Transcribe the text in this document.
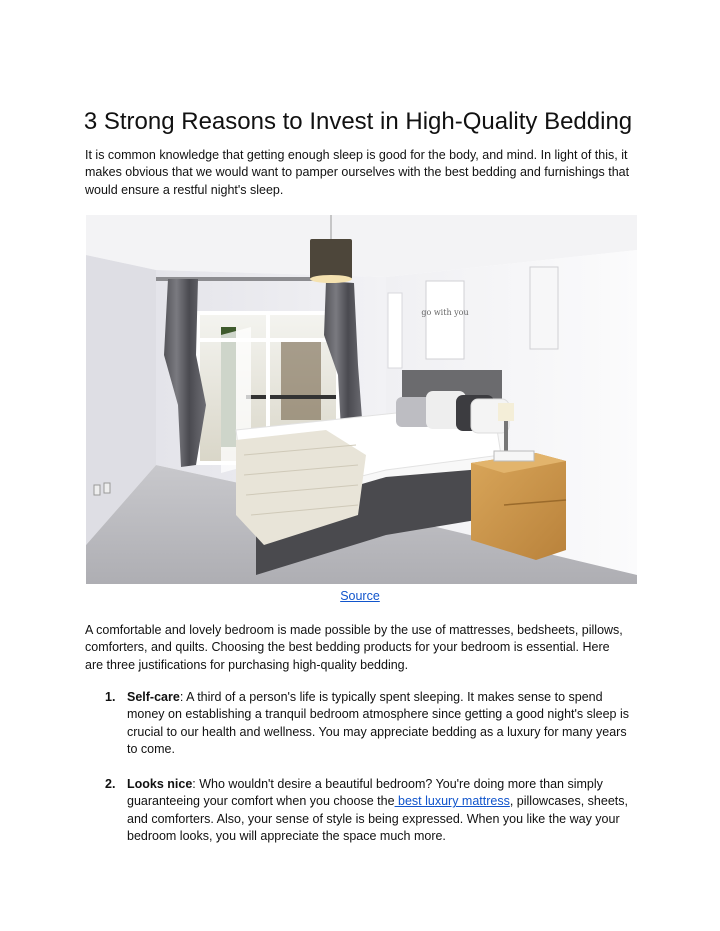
3 Strong Reasons to Invest in High-Quality Bedding

It is common knowledge that getting enough sleep is good for the body, and mind. In light of this, it makes obvious that we would want to pamper ourselves with the best bedding and furnishings that would ensure a restful night's sleep.

go with you
Source

A comfortable and lovely bedroom is made possible by the use of mattresses, bedsheets, pillows, comforters, and quilts. Choosing the best bedding products for your bedroom is essential. Here are three justifications for purchasing high-quality bedding.

1. Self-care: A third of a person's life is typically spent sleeping. It makes sense to spend money on establishing a tranquil bedroom atmosphere since getting a good night's sleep is crucial to our health and wellness. You may appreciate bedding as a luxury for many years to come.
2. Looks nice: Who wouldn't desire a beautiful bedroom? You're doing more than simply guaranteeing your comfort when you choose the best luxury mattress, pillowcases, sheets, and comforters. Also, your sense of style is being expressed. When you like the way your bedroom looks, you will appreciate the space much more.
